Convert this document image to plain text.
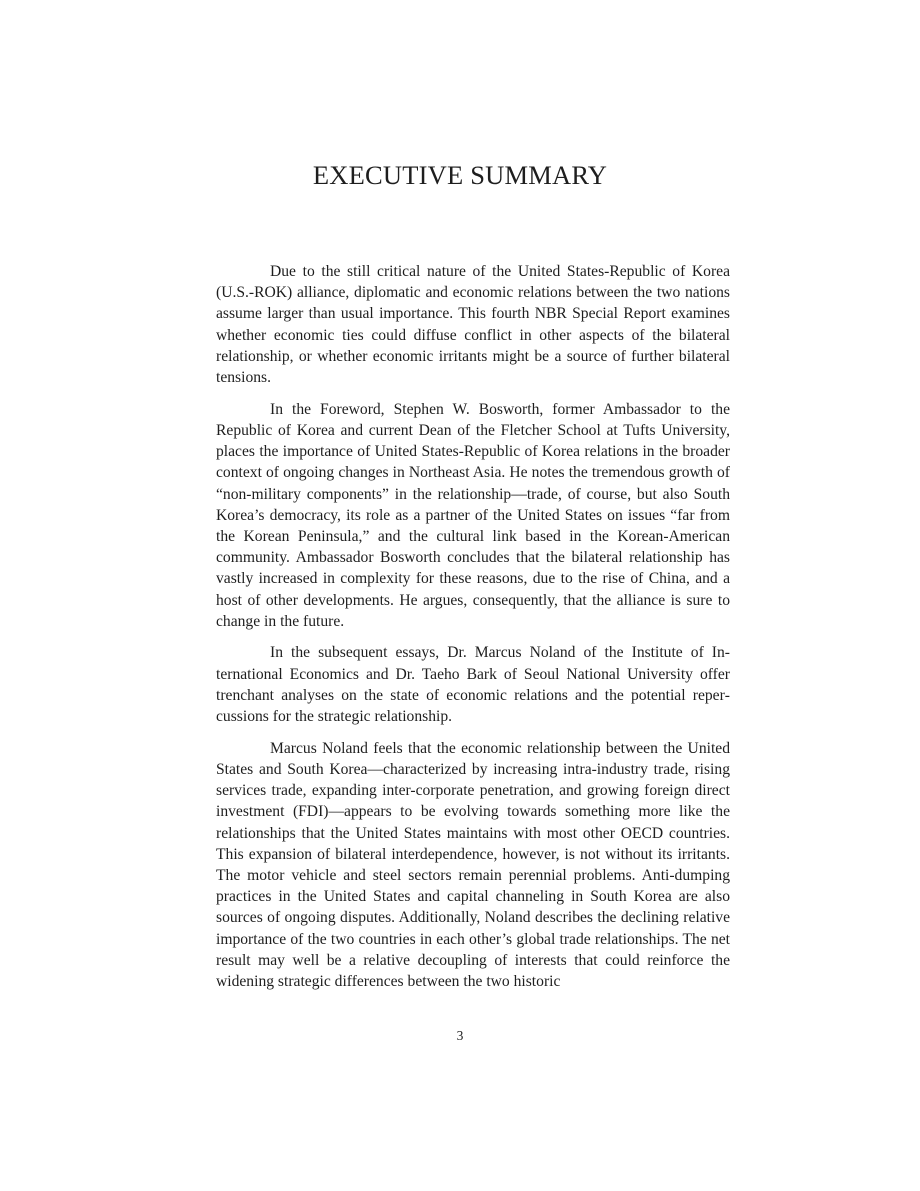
EXECUTIVE SUMMARY

Due to the still critical nature of the United States-Republic of Korea (U.S.-ROK) alliance, diplomatic and economic relations between the two nations assume larger than usual importance. This fourth NBR Special Report examines whether economic ties could diffuse conflict in other aspects of the bilateral relationship, or whether economic irritants might be a source of further bilateral tensions.

In the Foreword, Stephen W. Bosworth, former Ambassador to the Republic of Korea and current Dean of the Fletcher School at Tufts University, places the importance of United States-Republic of Korea relations in the broader context of ongoing changes in Northeast Asia. He notes the tremendous growth of “non-military components” in the relationship—trade, of course, but also South Korea’s democracy, its role as a partner of the United States on issues “far from the Korean Peninsula,” and the cultural link based in the Korean-American community. Ambassador Bosworth concludes that the bilateral relationship has vastly increased in complexity for these reasons, due to the rise of China, and a host of other developments. He argues, consequently, that the alliance is sure to change in the future.

In the subsequent essays, Dr. Marcus Noland of the Institute of International Economics and Dr. Taeho Bark of Seoul National University offer trenchant analyses on the state of economic relations and the potential repercussions for the strategic relationship.

Marcus Noland feels that the economic relationship between the United States and South Korea—characterized by increasing intra-industry trade, rising services trade, expanding inter-corporate penetration, and growing foreign direct investment (FDI)—appears to be evolving towards something more like the relationships that the United States maintains with most other OECD countries. This expansion of bilateral interdependence, however, is not without its irritants. The motor vehicle and steel sectors remain perennial problems. Anti-dumping practices in the United States and capital channeling in South Korea are also sources of ongoing disputes. Additionally, Noland describes the declining relative importance of the two countries in each other’s global trade relationships. The net result may well be a relative decoupling of interests that could reinforce the widening strategic differences between the two historic

3
